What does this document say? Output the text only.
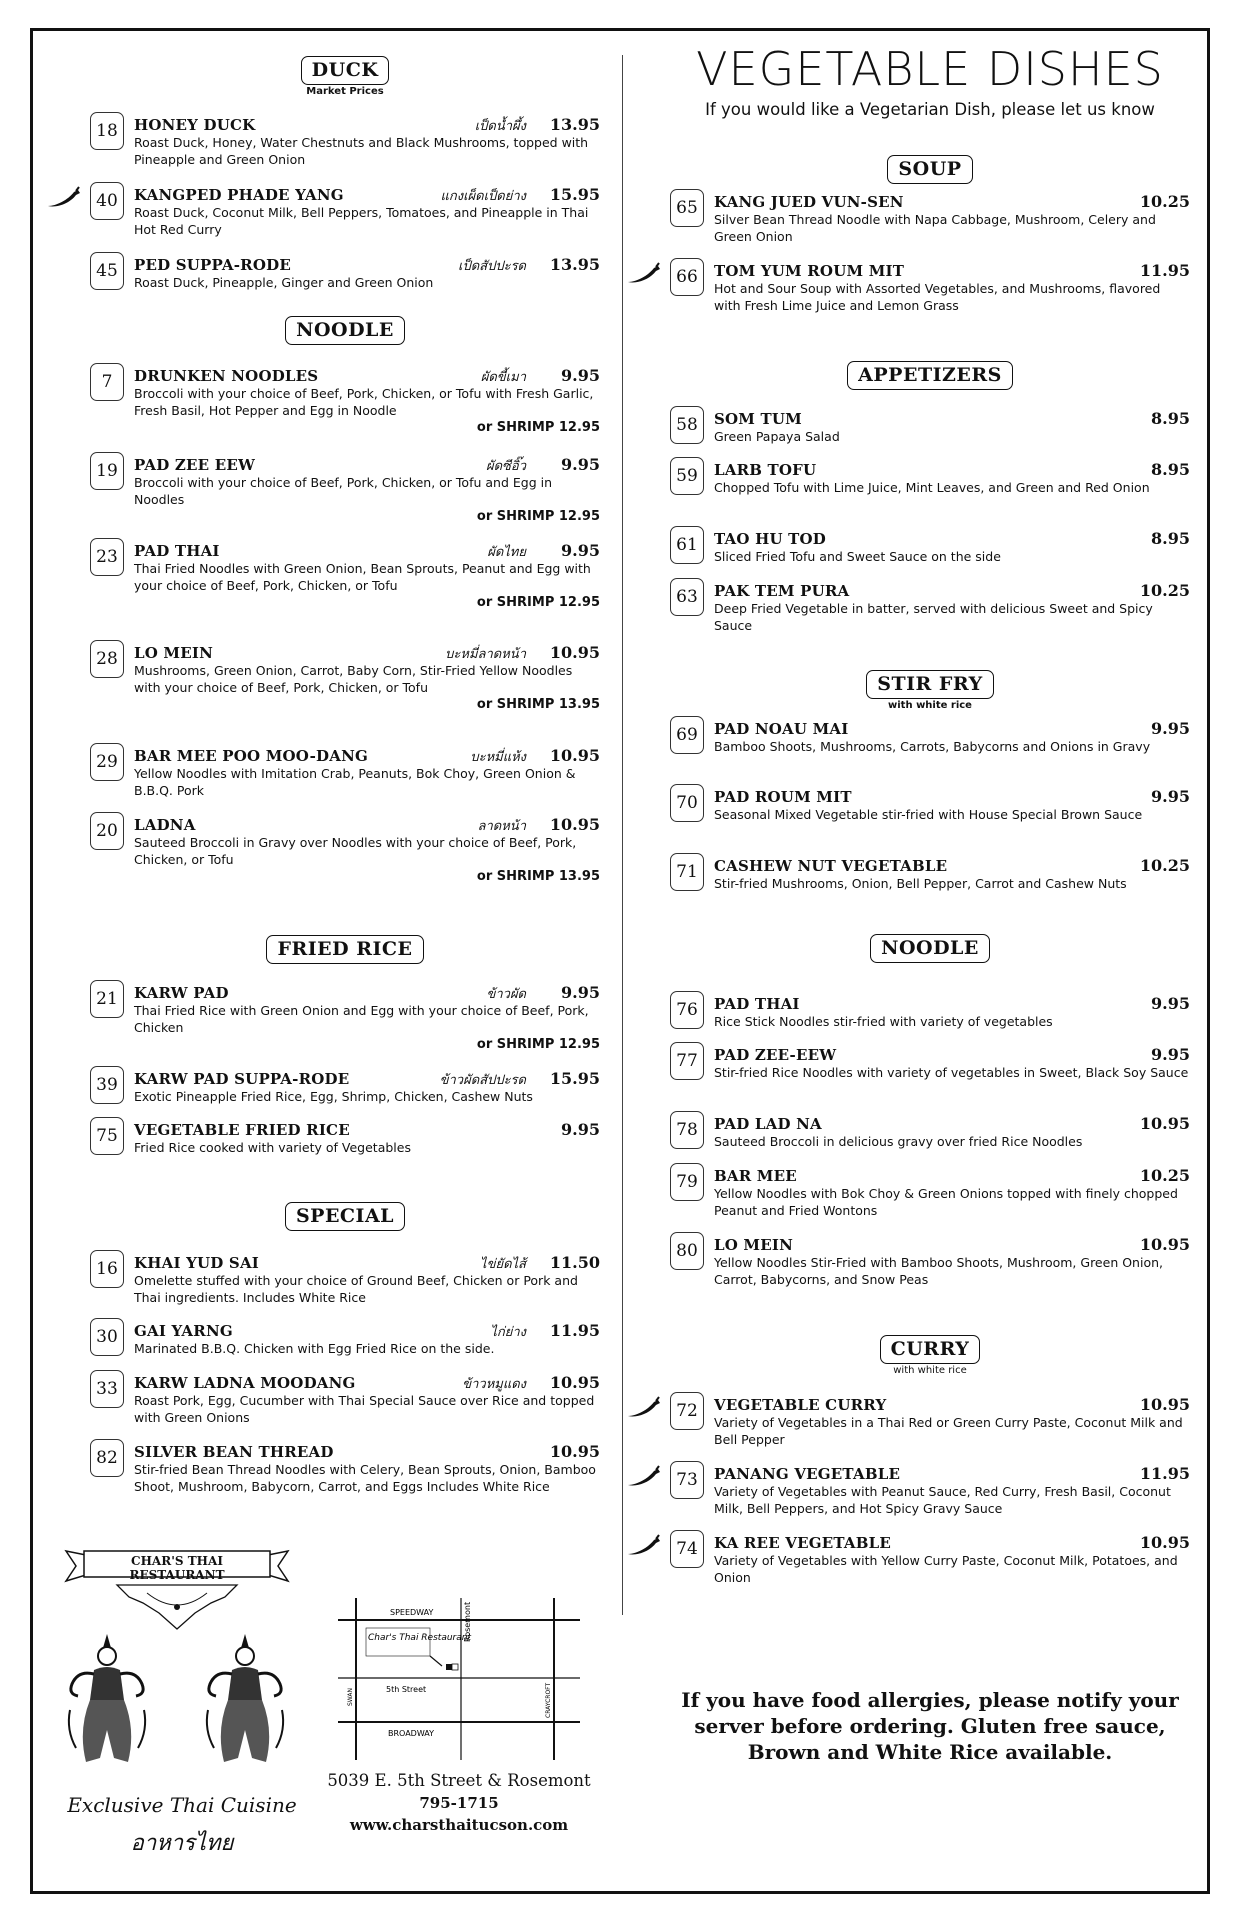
DUCK
Market Prices
18	HONEY DUCK	เป็ดน้ำผึ้ง 13.95
Roast Duck, Honey, Water Chestnuts and Black Mushrooms, topped with Pineapple and Green Onion
40	KANGPED PHADE YANG	แกงเผ็ดเป็ดย่าง 15.95
Roast Duck, Coconut Milk, Bell Peppers, Tomatoes, and Pineapple in Thai Hot Red Curry
45	PED SUPPA-RODE	เป็ดสัปปะรด 13.95
Roast Duck, Pineapple, Ginger and Green Onion
NOODLE
7	DRUNKEN NOODLES	ผัดขี้เมา 9.95
Broccoli with your choice of Beef, Pork, Chicken, or Tofu with Fresh Garlic, Fresh Basil, Hot Pepper and Egg in Noodle
or SHRIMP 12.95
19	PAD ZEE EEW	ผัดซีอิ๊ว 9.95
Broccoli with your choice of Beef, Pork, Chicken, or Tofu and Egg in Noodles
or SHRIMP 12.95
23	PAD THAI	ผัดไทย 9.95
Thai Fried Noodles with Green Onion, Bean Sprouts, Peanut and Egg with your choice of Beef, Pork, Chicken, or Tofu
or SHRIMP 12.95
28	LO MEIN	บะหมี่ลาดหน้า 10.95
Mushrooms, Green Onion, Carrot, Baby Corn, Stir-Fried Yellow Noodles with your choice of Beef, Pork, Chicken, or Tofu
or SHRIMP 13.95
29	BAR MEE POO MOO-DANG	บะหมี่แห้ง 10.95
Yellow Noodles with Imitation Crab, Peanuts, Bok Choy, Green Onion & B.B.Q. Pork
20	LADNA	ลาดหน้า 10.95
Sauteed Broccoli in Gravy over Noodles with your choice of Beef, Pork, Chicken, or Tofu
or SHRIMP 13.95
FRIED RICE
21	KARW PAD	ข้าวผัด 9.95
Thai Fried Rice with Green Onion and Egg with your choice of Beef, Pork, Chicken
or SHRIMP 12.95
39	KARW PAD SUPPA-RODE	ข้าวผัดสัปปะรด 15.95
Exotic Pineapple Fried Rice, Egg, Shrimp, Chicken, Cashew Nuts
75	VEGETABLE FRIED RICE	9.95
Fried Rice cooked with variety of Vegetables
SPECIAL
16	KHAI YUD SAI	ไข่ยัดไส้ 11.50
Omelette stuffed with your choice of Ground Beef, Chicken or Pork and Thai ingredients. Includes White Rice
30	GAI YARNG	ไก่ย่าง 11.95
Marinated B.B.Q. Chicken with Egg Fried Rice on the side.
33	KARW LADNA MOODANG	ข้าวหมูแดง 10.95
Roast Pork, Egg, Cucumber with Thai Special Sauce over Rice and topped with Green Onions
82	SILVER BEAN THREAD	10.95
Stir-fried Bean Thread Noodles with Celery, Bean Sprouts, Onion, Bamboo Shoot, Mushroom, Babycorn, Carrot, and Eggs Includes White Rice
VEGETABLE DISHES
If you would like a Vegetarian Dish, please let us know
SOUP
65	KANG JUED VUN-SEN	10.25
Silver Bean Thread Noodle with Napa Cabbage, Mushroom, Celery and Green Onion
66	TOM YUM ROUM MIT	11.95
Hot and Sour Soup with Assorted Vegetables, and Mushrooms, flavored with Fresh Lime Juice and Lemon Grass
APPETIZERS
58	SOM TUM	8.95
Green Papaya Salad
59	LARB TOFU	8.95
Chopped Tofu with Lime Juice, Mint Leaves, and Green and Red Onion
61	TAO HU TOD	8.95
Sliced Fried Tofu and Sweet Sauce on the side
63	PAK TEM PURA	10.25
Deep Fried Vegetable in batter, served with delicious Sweet and Spicy Sauce
STIR FRY
with white rice
69	PAD NOAU MAI	9.95
Bamboo Shoots, Mushrooms, Carrots, Babycorns and Onions in Gravy
70	PAD ROUM MIT	9.95
Seasonal Mixed Vegetable stir-fried with House Special Brown Sauce
71	CASHEW NUT VEGETABLE	10.25
Stir-fried Mushrooms, Onion, Bell Pepper, Carrot and Cashew Nuts
NOODLE
76	PAD THAI	9.95
Rice Stick Noodles stir-fried with variety of vegetables
77	PAD ZEE-EEW	9.95
Stir-fried Rice Noodles with variety of vegetables in Sweet, Black Soy Sauce
78	PAD LAD NA	10.95
Sauteed Broccoli in delicious gravy over fried Rice Noodles
79	BAR MEE	10.25
Yellow Noodles with Bok Choy & Green Onions topped with finely chopped Peanut and Fried Wontons
80	LO MEIN	10.95
Yellow Noodles Stir-Fried with Bamboo Shoots, Mushroom, Green Onion, Carrot, Babycorns, and Snow Peas
CURRY
with white rice
72	VEGETABLE CURRY	10.95
Variety of Vegetables in a Thai Red or Green Curry Paste, Coconut Milk and Bell Pepper
73	PANANG VEGETABLE	11.95
Variety of Vegetables with Peanut Sauce, Red Curry, Fresh Basil, Coconut Milk, Bell Peppers, and Hot Spicy Gravy Sauce
74	KA REE VEGETABLE	10.95
Variety of Vegetables with Yellow Curry Paste, Coconut Milk, Potatoes, and Onion
If you have food allergies, please notify your server before ordering. Gluten free sauce, Brown and White Rice available.
CHAR'S THAI RESTAURANT
Exclusive Thai Cuisine
อาหารไทย
SPEEDWAY
Char's Thai Restaurant
5th Street
BROADWAY
Rosemont
SWAN	CRAYCROFT
5039 E. 5th Street & Rosemont
795-1715
www.charsthaitucson.com
